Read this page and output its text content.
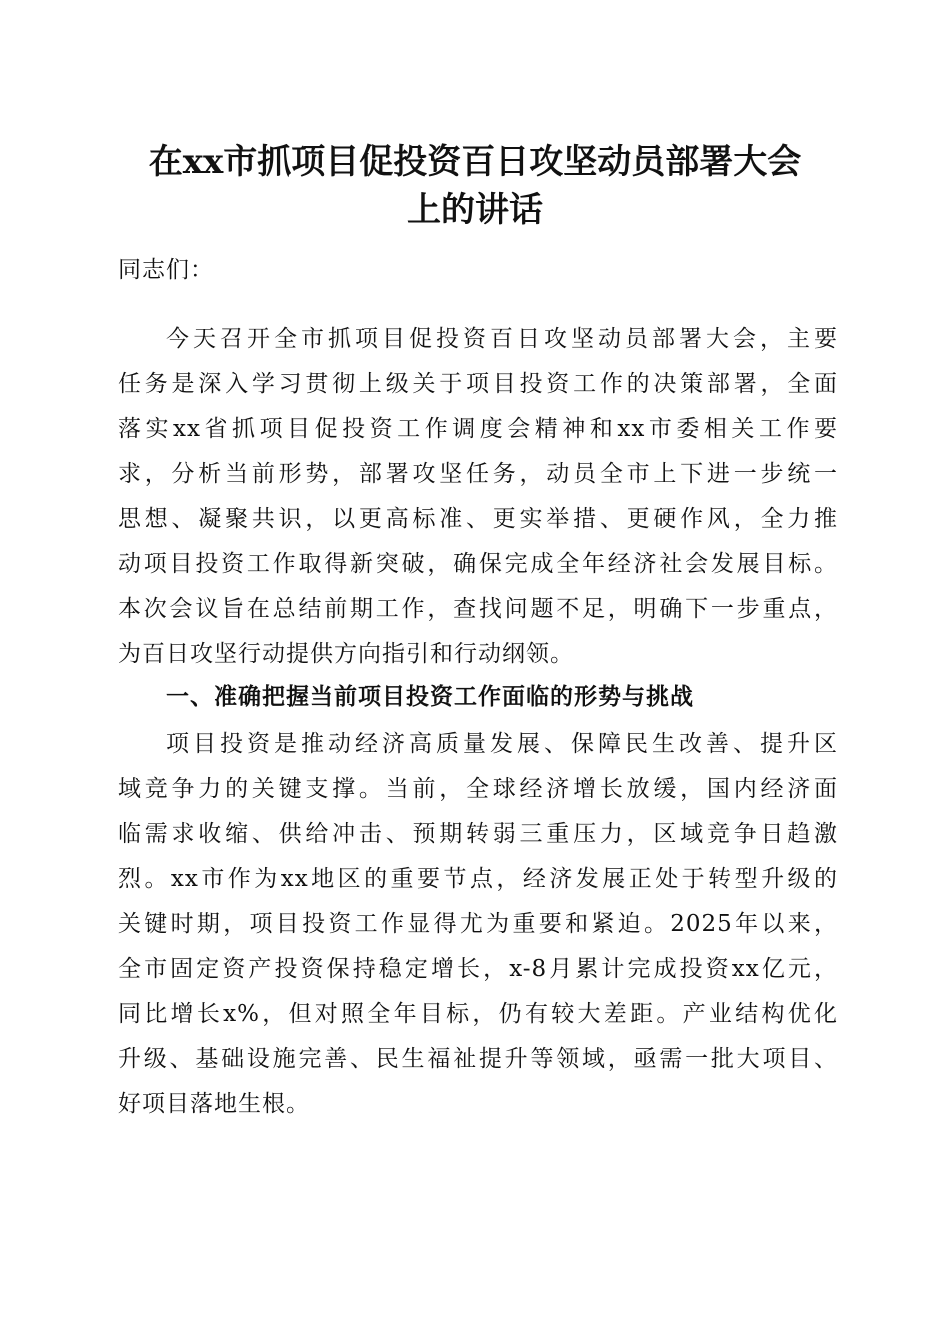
在xx市抓项目促投资百日攻坚动员部署大会
上的讲话
同志们：
今天召开全市抓项目促投资百日攻坚动员部署大会，主要
任务是深入学习贯彻上级关于项目投资工作的决策部署，全面
落实xx省抓项目促投资工作调度会精神和xx市委相关工作要
求，分析当前形势，部署攻坚任务，动员全市上下进一步统一
思想、凝聚共识，以更高标准、更实举措、更硬作风，全力推
动项目投资工作取得新突破，确保完成全年经济社会发展目标。
本次会议旨在总结前期工作，查找问题不足，明确下一步重点，
为百日攻坚行动提供方向指引和行动纲领。
一、准确把握当前项目投资工作面临的形势与挑战
项目投资是推动经济高质量发展、保障民生改善、提升区
域竞争力的关键支撑。当前，全球经济增长放缓，国内经济面
临需求收缩、供给冲击、预期转弱三重压力，区域竞争日趋激
烈。xx市作为xx地区的重要节点，经济发展正处于转型升级的
关键时期，项目投资工作显得尤为重要和紧迫。2025年以来，
全市固定资产投资保持稳定增长，x-8月累计完成投资xx亿元，
同比增长x%，但对照全年目标，仍有较大差距。产业结构优化
升级、基础设施完善、民生福祉提升等领域，亟需一批大项目、
好项目落地生根。
